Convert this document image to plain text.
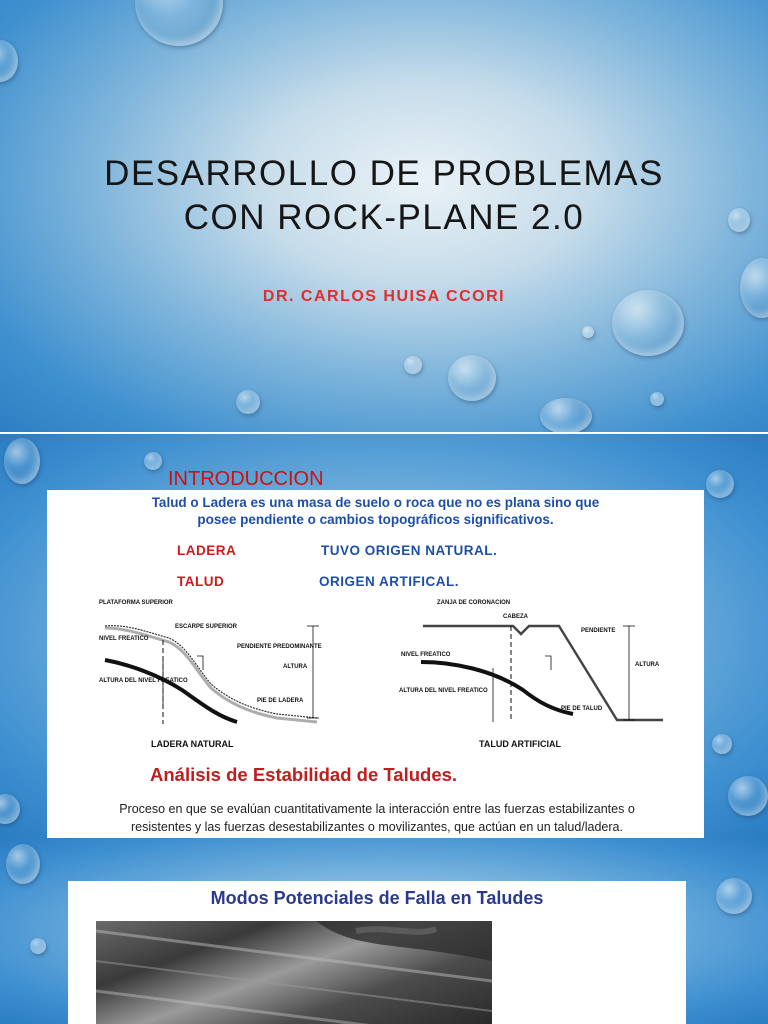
DESARROLLO DE PROBLEMAS
CON ROCK-PLANE 2.0
DR. CARLOS HUISA CCORI
INTRODUCCION
Talud o Ladera es una masa de suelo o roca que no es plana sino que
posee pendiente o cambios topográficos significativos.
LADERA	TUVO ORIGEN NATURAL.
TALUD	ORIGEN ARTIFICAL.
PLATAFORMA SUPERIOR
ESCARPE SUPERIOR
NIVEL FREATICO
PENDIENTE PREDOMINANTE
ALTURA
ALTURA DEL NIVEL FREATICO
PIE DE LADERA
LADERA NATURAL
ZANJA DE CORONACION
CABEZA
PENDIENTE
NIVEL FREATICO
ALTURA
ALTURA DEL NIVEL FREATICO
PIE DE TALUD
TALUD ARTIFICIAL
Análisis de Estabilidad de Taludes.
Proceso en que se evalúan cuantitativamente la interacción entre las fuerzas estabilizantes o resistentes y las fuerzas desestabilizantes o movilizantes, que actúan en un talud/ladera.
Modos Potenciales de Falla en Taludes
